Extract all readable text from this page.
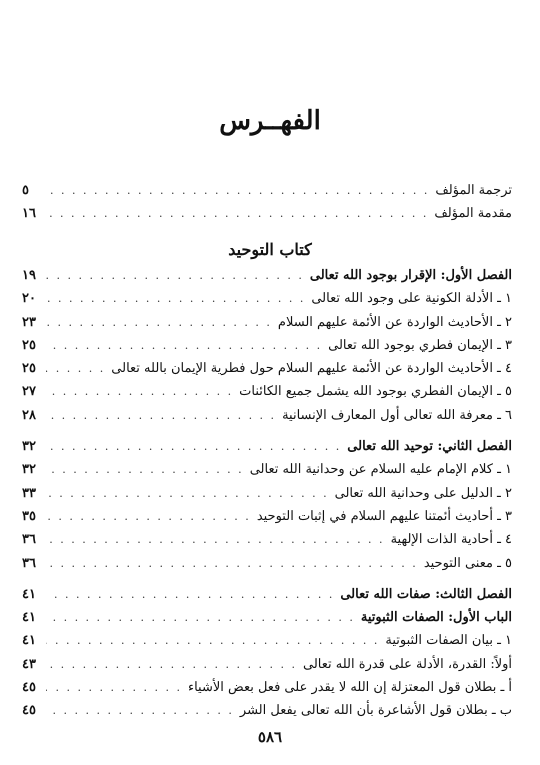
الفهــرس
ترجمة المؤلف
. . .
٥
مقدمة المؤلف
. . .
١٦
كتاب التوحيد
الفصل الأول: الإقرار بوجود الله تعالى
. . .
١٩
١ ـ الأدلة الكونية على وجود الله تعالى
. . .
٢٠
٢ ـ الأحاديث الواردة عن الأئمة عليهم السلام
. . .
٢٣
٣ ـ الإيمان فطري بوجود الله تعالى
. . .
٢٥
٤ ـ الأحاديث الواردة عن الأئمة عليهم السلام حول فطرية الإيمان بالله تعالى
. . .
٢٥
٥ ـ الإيمان الفطري بوجود الله يشمل جميع الكائنات
. . .
٢٧
٦ ـ معرفة الله تعالى أول المعارف الإنسانية
. . .
٢٨
الفصل الثاني: توحيد الله تعالى
. . .
٣٢
١ ـ كلام الإمام عليه السلام عن وحدانية الله تعالى
. . .
٣٢
٢ ـ الدليل على وحدانية الله تعالى
. . .
٣٣
٣ ـ أحاديث أئمتنا عليهم السلام في إثبات التوحيد
. . .
٣٥
٤ ـ أحادية الذات الإلهية
. . .
٣٦
٥ ـ معنى التوحيد
. . .
٣٦
الفصل الثالث: صفات الله تعالى
. . .
٤١
الباب الأول: الصفات الثبوتية
. . .
٤١
١ ـ بيان الصفات الثبوتية
. . .
٤١
أولاً: القدرة، الأدلة على قدرة الله تعالى
. . .
٤٣
أ ـ بطلان قول المعتزلة إن الله لا يقدر على فعل بعض الأشياء
. . .
٤٥
ب ـ بطلان قول الأشاعرة بأن الله تعالى يفعل الشر
. . .
٤٥
٥٨٦
